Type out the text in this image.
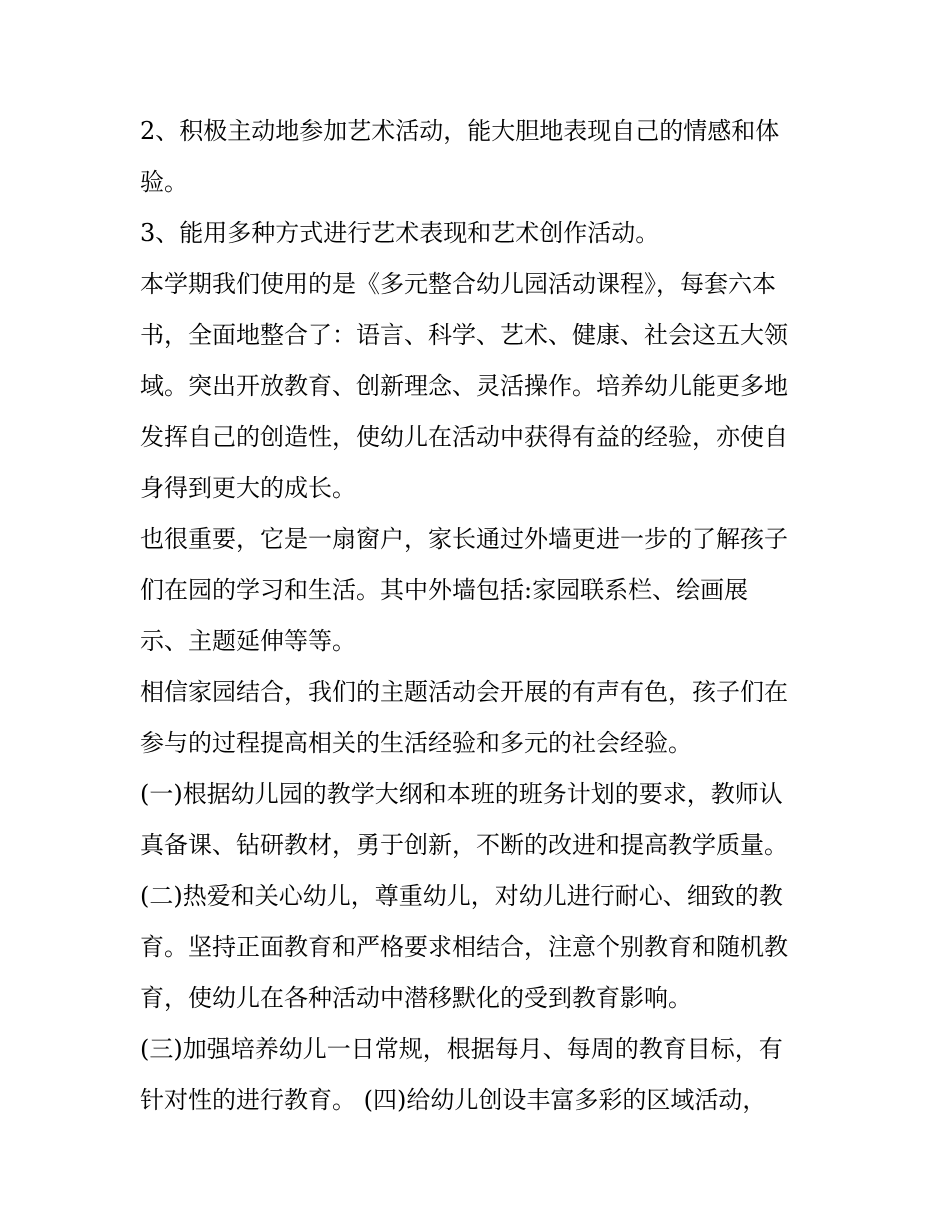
2、积极主动地参加艺术活动，能大胆地表现自己的情感和体
验。
3、能用多种方式进行艺术表现和艺术创作活动。
本学期我们使用的是《多元整合幼儿园活动课程》，每套六本
书，全面地整合了：语言、科学、艺术、健康、社会这五大领
域。突出开放教育、创新理念、灵活操作。培养幼儿能更多地
发挥自己的创造性，使幼儿在活动中获得有益的经验，亦使自
身得到更大的成长。
也很重要，它是一扇窗户，家长通过外墙更进一步的了解孩子
们在园的学习和生活。其中外墙包括:家园联系栏、绘画展
示、主题延伸等等。
相信家园结合，我们的主题活动会开展的有声有色，孩子们在
参与的过程提高相关的生活经验和多元的社会经验。
(一)根据幼儿园的教学大纲和本班的班务计划的要求，教师认
真备课、钻研教材，勇于创新，不断的改进和提高教学质量。
(二)热爱和关心幼儿，尊重幼儿，对幼儿进行耐心、细致的教
育。坚持正面教育和严格要求相结合，注意个别教育和随机教
育，使幼儿在各种活动中潜移默化的受到教育影响。
(三)加强培养幼儿一日常规，根据每月、每周的教育目标，有
针对性的进行教育。 (四)给幼儿创设丰富多彩的区域活动，
